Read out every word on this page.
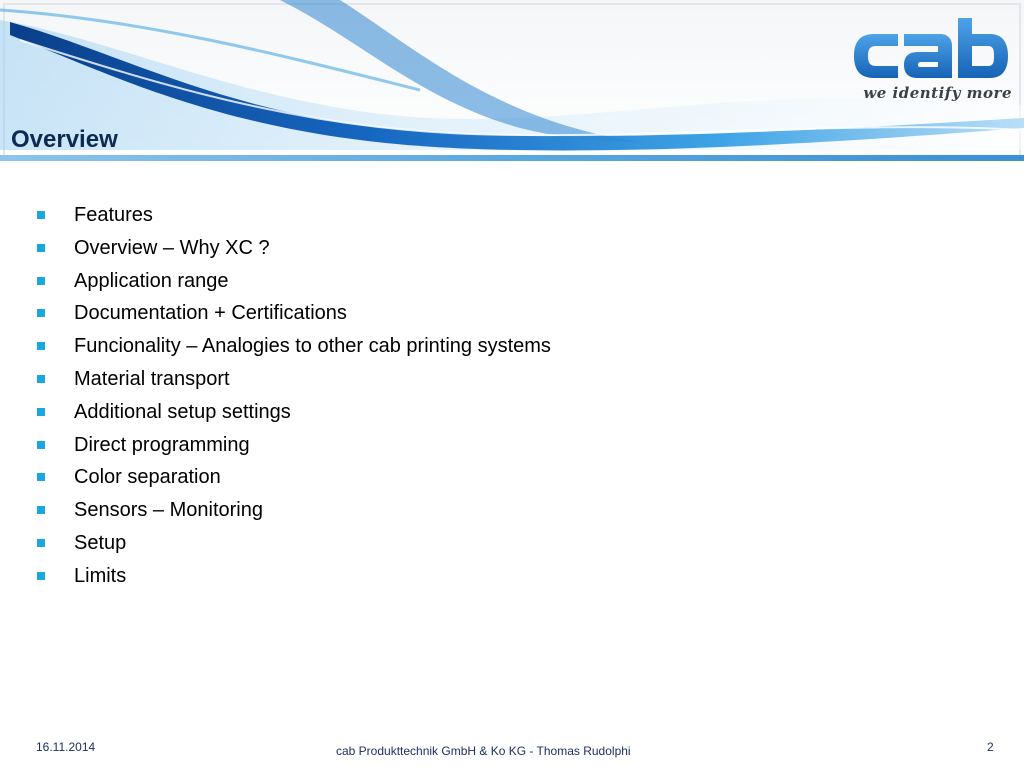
Overview
we identify more
Features
Overview – Why XC ?
Application range
Documentation + Certifications
Funcionality – Analogies to other cab printing systems
Material transport
Additional setup settings
Direct programming
Color separation
Sensors – Monitoring
Setup
Limits
16.11.2014	cab Produkttechnik GmbH & Ko KG - Thomas Rudolphi	2
